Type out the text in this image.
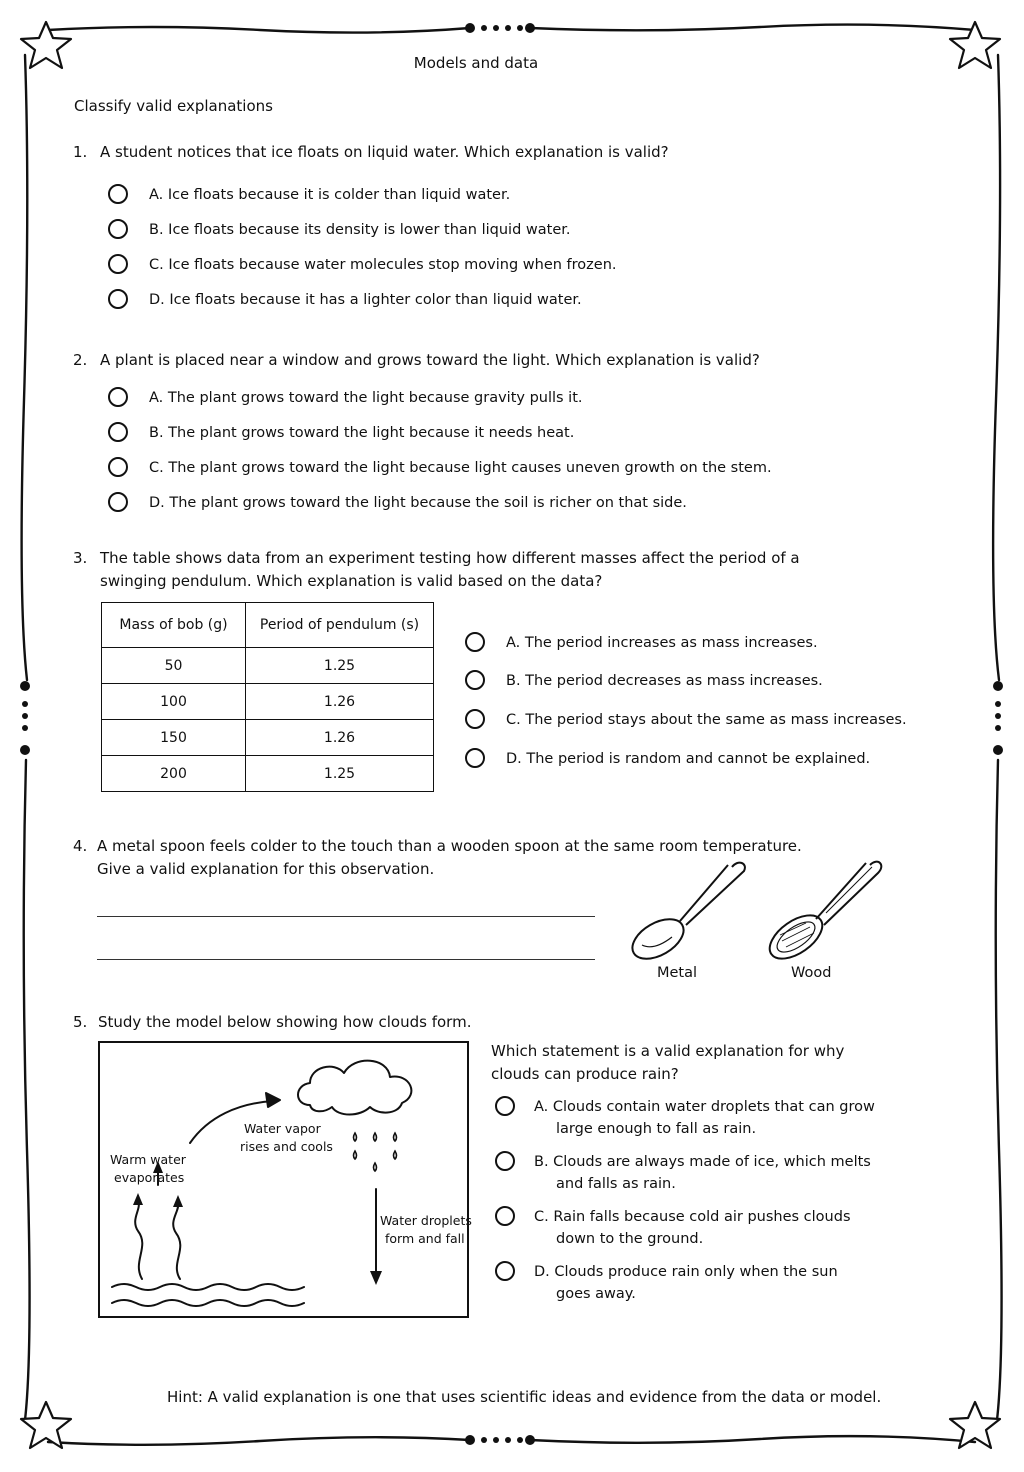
Models and data
Classify valid explanations
1. A student notices that ice floats on liquid water. Which explanation is valid?
A. Ice floats because it is colder than liquid water.
B. Ice floats because its density is lower than liquid water.
C. Ice floats because water molecules stop moving when frozen.
D. Ice floats because it has a lighter color than liquid water.
2. A plant is placed near a window and grows toward the light. Which explanation is valid?
A. The plant grows toward the light because gravity pulls it.
B. The plant grows toward the light because it needs heat.
C. The plant grows toward the light because light causes uneven growth on the stem.
D. The plant grows toward the light because the soil is richer on that side.
3. The table shows data from an experiment testing how different masses affect the period of a
swinging pendulum. Which explanation is valid based on the data?
Mass of bob (g)	Period of pendulum (s)
50	1.25
100	1.26
150	1.26
200	1.25
A. The period increases as mass increases.
B. The period decreases as mass increases.
C. The period stays about the same as mass increases.
D. The period is random and cannot be explained.
4. A metal spoon feels colder to the touch than a wooden spoon at the same room temperature.
Give a valid explanation for this observation.
Metal	Wood
5. Study the model below showing how clouds form.
Warm water
evaporates
Water vapor
rises and cools
Water droplets
form and fall
Which statement is a valid explanation for why
clouds can produce rain?
A. Clouds contain water droplets that can grow
large enough to fall as rain.
B. Clouds are always made of ice, which melts
and falls as rain.
C. Rain falls because cold air pushes clouds
down to the ground.
D. Clouds produce rain only when the sun
goes away.
Hint: A valid explanation is one that uses scientific ideas and evidence from the data or model.
